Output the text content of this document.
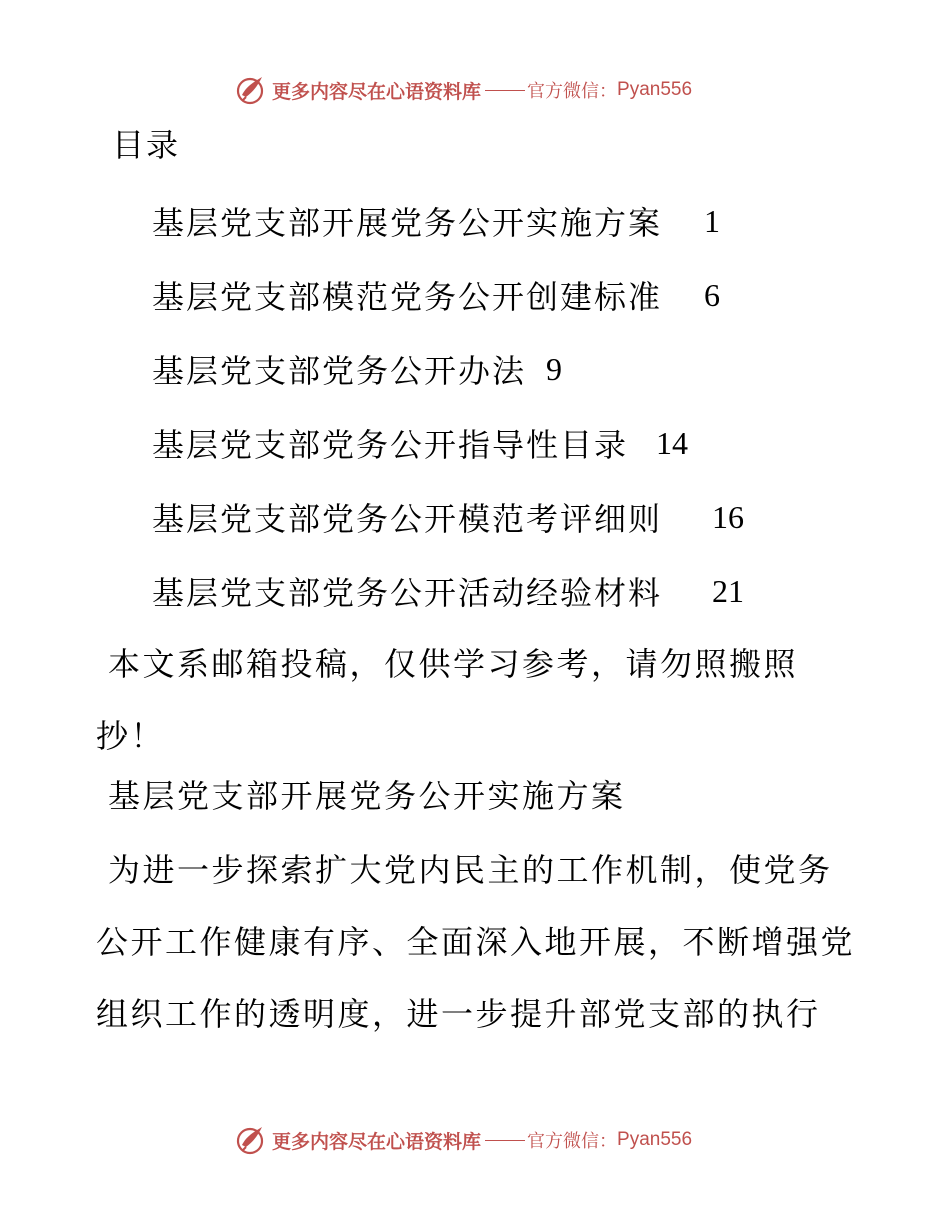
更多内容尽在心语资料库	官方微信： Pyan556
目录
基层党支部开展党务公开实施方案	1
基层党支部模范党务公开创建标准	6
基层党支部党务公开办法 9
基层党支部党务公开指导性目录 14
基层党支部党务公开模范考评细则	16
基层党支部党务公开活动经验材料	21

本文系邮箱投稿，仅供学习参考，请勿照搬照抄！

基层党支部开展党务公开实施方案

为进一步探索扩大党内民主的工作机制，使党务公开工作健康有序、全面深入地开展，不断增强党组织工作的透明度，进一步提升部党支部的执行

更多内容尽在心语资料库	官方微信： Pyan556
